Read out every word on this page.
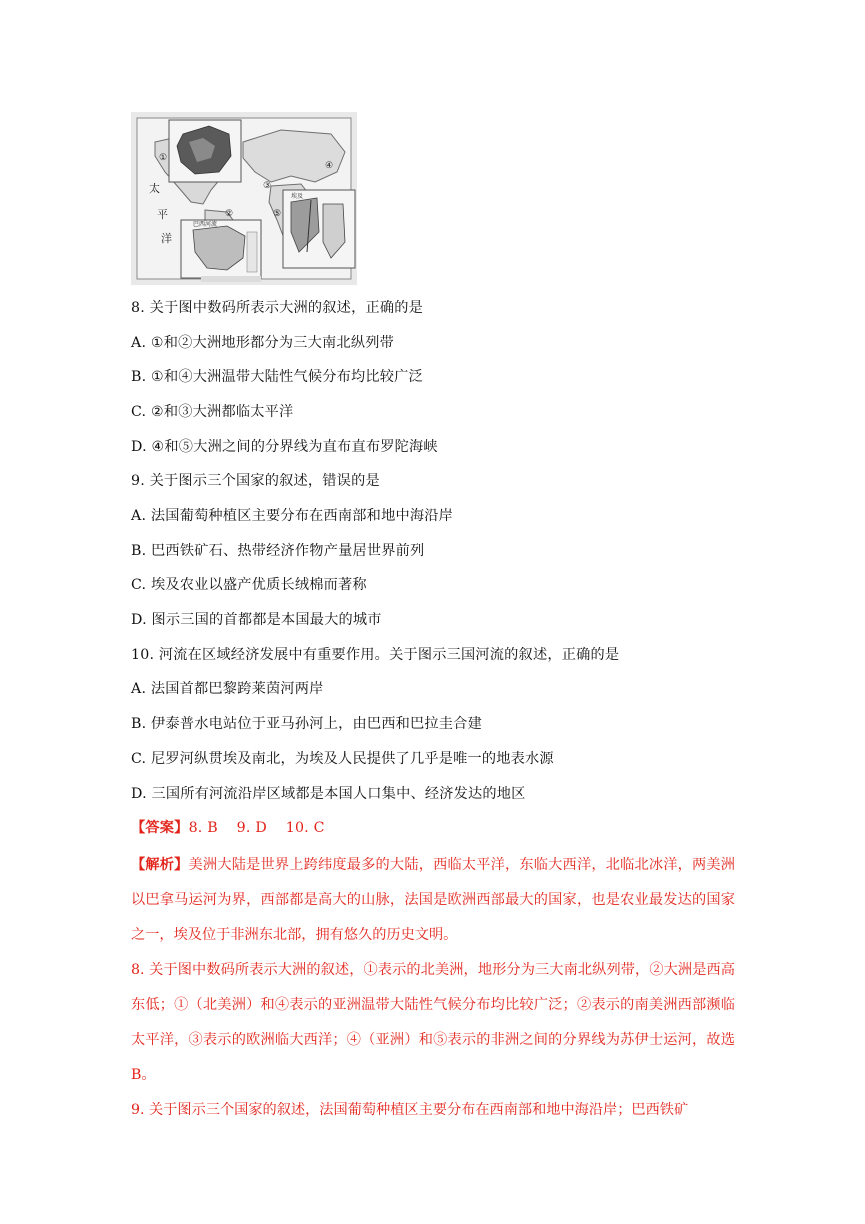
太
平
洋
巴西河流
埃及
①
②
③
④
⑤
8. 关于图中数码所表示大洲的叙述，正确的是
A. ①和②大洲地形都分为三大南北纵列带
B. ①和④大洲温带大陆性气候分布均比较广泛
C. ②和③大洲都临太平洋
D. ④和⑤大洲之间的分界线为直布直布罗陀海峡
9. 关于图示三个国家的叙述，错误的是
A. 法国葡萄种植区主要分布在西南部和地中海沿岸
B. 巴西铁矿石、热带经济作物产量居世界前列
C. 埃及农业以盛产优质长绒棉而著称
D. 图示三国的首都都是本国最大的城市
10. 河流在区域经济发展中有重要作用。关于图示三国河流的叙述，正确的是
A. 法国首都巴黎跨莱茵河两岸
B. 伊泰普水电站位于亚马孙河上，由巴西和巴拉圭合建
C. 尼罗河纵贯埃及南北，为埃及人民提供了几乎是唯一的地表水源
D. 三国所有河流沿岸区域都是本国人口集中、经济发达的地区
【答案】8. B    9. D    10. C
【解析】美洲大陆是世界上跨纬度最多的大陆，西临太平洋，东临大西洋，北临北冰洋，两美洲以巴拿马运河为界，西部都是高大的山脉，法国是欧洲西部最大的国家，也是农业最发达的国家之一，埃及位于非洲东北部，拥有悠久的历史文明。
8. 关于图中数码所表示大洲的叙述，①表示的北美洲，地形分为三大南北纵列带，②大洲是西高东低；①（北美洲）和④表示的亚洲温带大陆性气候分布均比较广泛；②表示的南美洲西部濒临太平洋，③表示的欧洲临大西洋；④（亚洲）和⑤表示的非洲之间的分界线为苏伊士运河，故选 B。
9. 关于图示三个国家的叙述，法国葡萄种植区主要分布在西南部和地中海沿岸；巴西铁矿
